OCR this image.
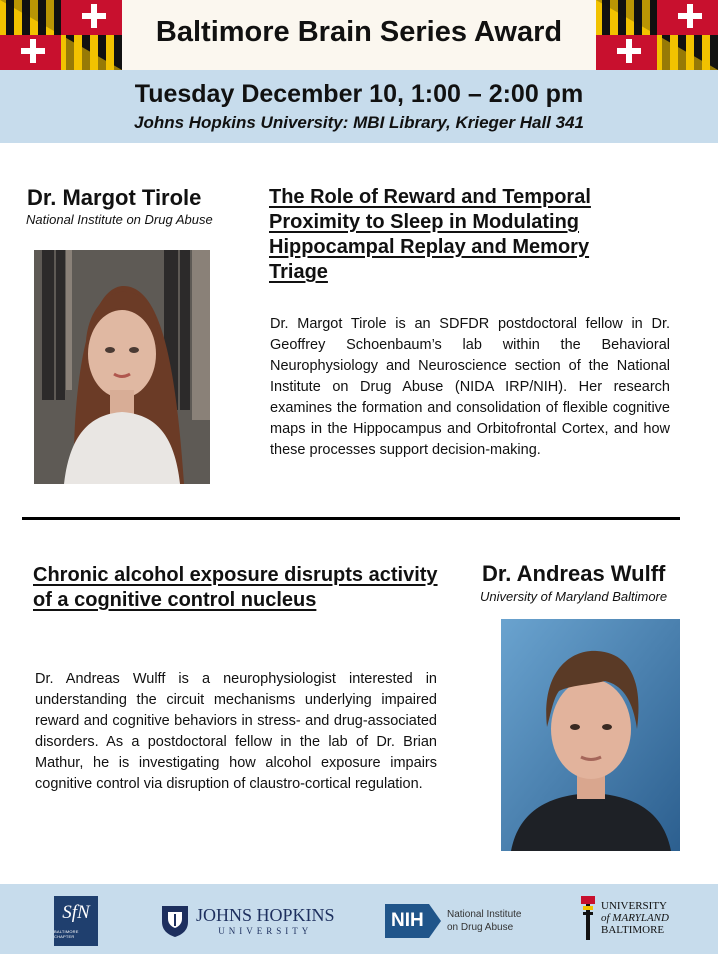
Baltimore Brain Series Award
Tuesday December 10, 1:00 – 2:00 pm
Johns Hopkins University: MBI Library, Krieger Hall 341
Dr. Margot Tirole
National Institute on Drug Abuse
The Role of Reward and Temporal Proximity to Sleep in Modulating Hippocampal Replay and Memory Triage
Dr. Margot Tirole is an SDFDR postdoctoral fellow in Dr. Geoffrey Schoenbaum’s lab within the Behavioral Neurophysiology and Neuroscience section of the National Institute on Drug Abuse (NIDA IRP/NIH). Her research examines the formation and consolidation of flexible cognitive maps in the Hippocampus and Orbitofrontal Cortex, and how these processes support decision-making.
Chronic alcohol exposure disrupts activity of a cognitive control nucleus
Dr. Andreas Wulff
University of Maryland Baltimore
Dr. Andreas Wulff is a neurophysiologist interested in understanding the circuit mechanisms underlying impaired reward and cognitive behaviors in stress- and drug-associated disorders. As a postdoctoral fellow in the lab of Dr. Brian Mathur, he is investigating how alcohol exposure impairs cognitive control via disruption of claustro-cortical regulation.
SfN
BALTIMORE CHAPTER
JOHNS HOPKINS
UNIVERSITY	NIH National Institute
on Drug Abuse
UNIVERSITY
of MARYLAND
BALTIMORE
